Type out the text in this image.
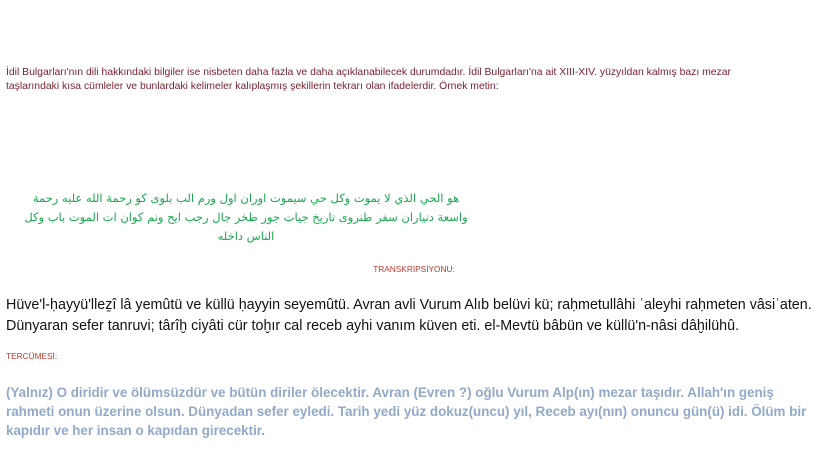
İdil Bulgarları'nın dili hakkındaki bilgiler ise nisbeten daha fazla ve daha açıklanabilecek durumdadır. İdil Bulgarları'na ait XIII-XIV. yüzyıldan kalmış bazı mezar
taşlarındaki kısa cümleler ve bunlardaki kelimeler kalıplaşmış şekillerin tekrarı olan ifadelerdir. Örnek metin:
هو الحي الذي لا يموت وكل حي سيموت اوران اول ورم الب بلوى كو رحمة الله عليه رحمة
واسعة دنياران سفر طنروى تاريخ جيات جور طخر جال رجب ايح ونم كوان ات الموت باب وكل
الناس داخله
TRANSKRİPSİYONU:
Hüve'l-ḥayyü'lleẕî lâ yemûtü ve küllü ḥayyin seyemûtü. Avran avli Vurum Alıb belüvi kü; raḥmetullâhi ʿaleyhi raḥmeten vâsiʿaten.
Dünyaran sefer tanruvi; târîḫ ciyâti cür toḫır cal receb ayhi vanım küven eti. el-Mevtü bâbün ve küllü'n-nâsi dâḫilühû.
TERCÜMESİ:
(Yalnız) O diridir ve ölümsüzdür ve bütün diriler ölecektir. Avran (Evren ?) oğlu Vurum Alp(ın) mezar taşıdır. Allah'ın geniş rahmeti onun üzerine olsun. Dünyadan sefer eyledi. Tarih yedi yüz dokuz(uncu) yıl, Receb ayı(nın) onuncu gün(ü) idi. Ölüm bir kapıdır ve her insan o kapıdan girecektir.
